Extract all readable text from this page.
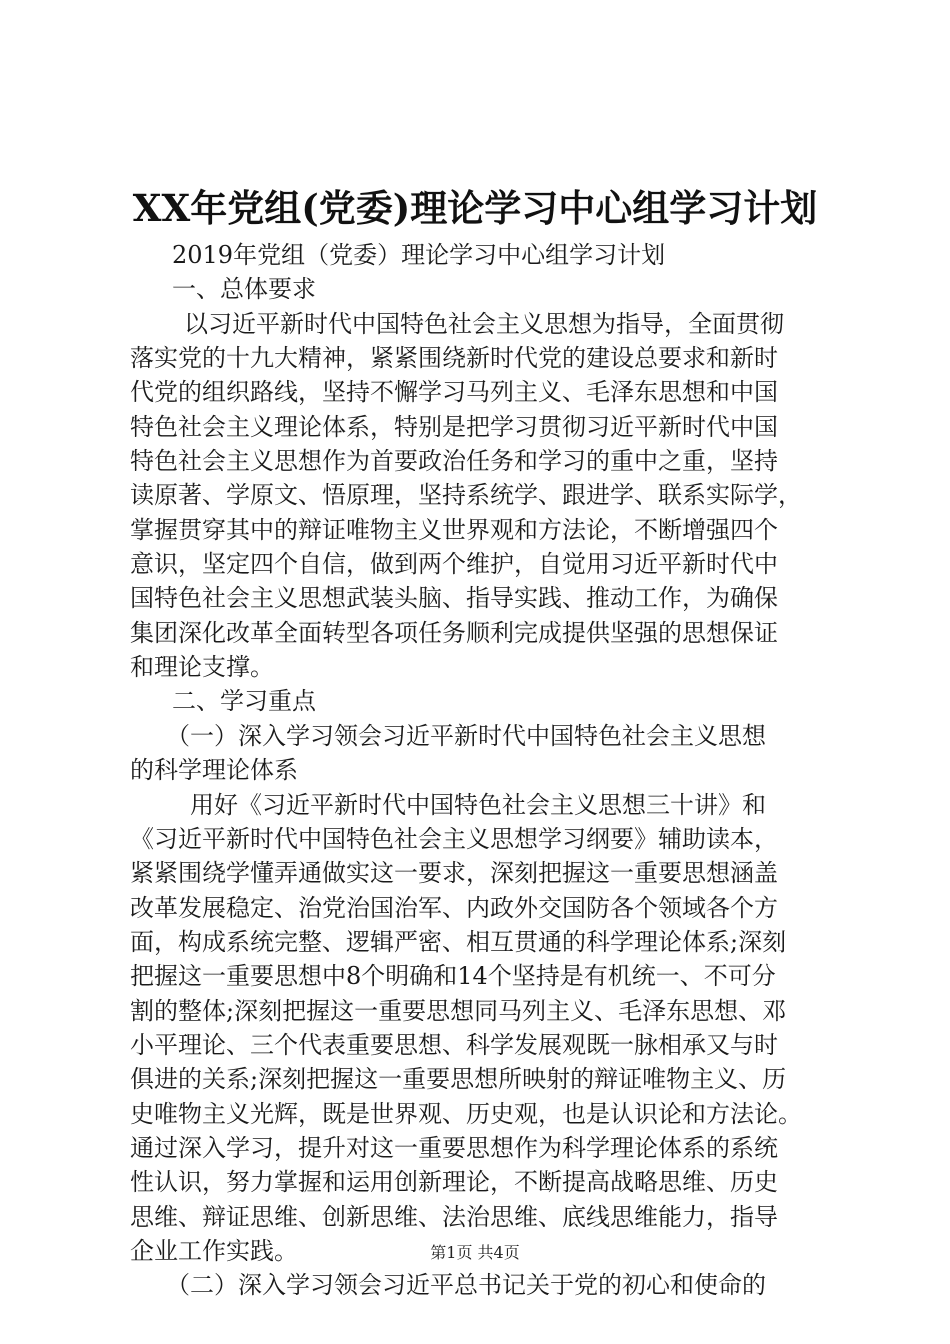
XX年党组(党委)理论学习中心组学习计划
2019年党组（党委）理论学习中心组学习计划
一、总体要求
以习近平新时代中国特色社会主义思想为指导，全面贯彻
落实党的十九大精神，紧紧围绕新时代党的建设总要求和新时
代党的组织路线，坚持不懈学习马列主义、毛泽东思想和中国
特色社会主义理论体系，特别是把学习贯彻习近平新时代中国
特色社会主义思想作为首要政治任务和学习的重中之重，坚持
读原著、学原文、悟原理，坚持系统学、跟进学、联系实际学，
掌握贯穿其中的辩证唯物主义世界观和方法论，不断增强四个
意识，坚定四个自信，做到两个维护，自觉用习近平新时代中
国特色社会主义思想武装头脑、指导实践、推动工作，为确保
集团深化改革全面转型各项任务顺利完成提供坚强的思想保证
和理论支撑。
二、学习重点
（一）深入学习领会习近平新时代中国特色社会主义思想
的科学理论体系
用好《习近平新时代中国特色社会主义思想三十讲》和
《习近平新时代中国特色社会主义思想学习纲要》辅助读本，
紧紧围绕学懂弄通做实这一要求，深刻把握这一重要思想涵盖
改革发展稳定、治党治国治军、内政外交国防各个领域各个方
面，构成系统完整、逻辑严密、相互贯通的科学理论体系;深刻
把握这一重要思想中8个明确和14个坚持是有机统一、不可分
割的整体;深刻把握这一重要思想同马列主义、毛泽东思想、邓
小平理论、三个代表重要思想、科学发展观既一脉相承又与时
俱进的关系;深刻把握这一重要思想所映射的辩证唯物主义、历
史唯物主义光辉，既是世界观、历史观，也是认识论和方法论。
通过深入学习，提升对这一重要思想作为科学理论体系的系统
性认识，努力掌握和运用创新理论，不断提高战略思维、历史
思维、辩证思维、创新思维、法治思维、底线思维能力，指导
企业工作实践。
（二）深入学习领会习近平总书记关于党的初心和使命的
第1页 共4页
